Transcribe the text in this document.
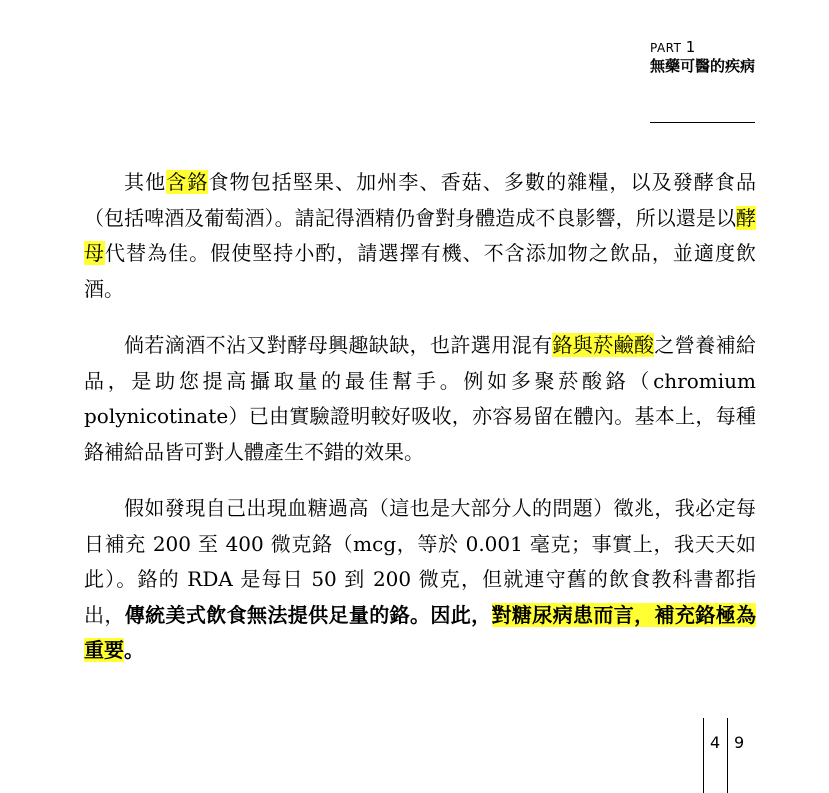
PART 1
無藥可醫的疾病

其他含鉻食物包括堅果、加州李、香菇、多數的雜糧，以及發酵食品（包括啤酒及葡萄酒）。請記得酒精仍會對身體造成不良影響，所以還是以酵母代替為佳。假使堅持小酌，請選擇有機、不含添加物之飲品，並適度飲酒。

倘若滴酒不沾又對酵母興趣缺缺，也許選用混有鉻與菸鹼酸之營養補給品，是助您提高攝取量的最佳幫手。例如多聚菸酸鉻（chromium polynicotinate）已由實驗證明較好吸收，亦容易留在體內。基本上，每種鉻補給品皆可對人體產生不錯的效果。

假如發現自己出現血糖過高（這也是大部分人的問題）徵兆，我必定每日補充 200 至 400 微克鉻（mcg，等於 0.001 毫克；事實上，我天天如此）。鉻的 RDA 是每日 50 到 200 微克，但就連守舊的飲食教科書都指出，傳統美式飲食無法提供足量的鉻。因此，對糖尿病患而言，補充鉻極為重要。

4 9
